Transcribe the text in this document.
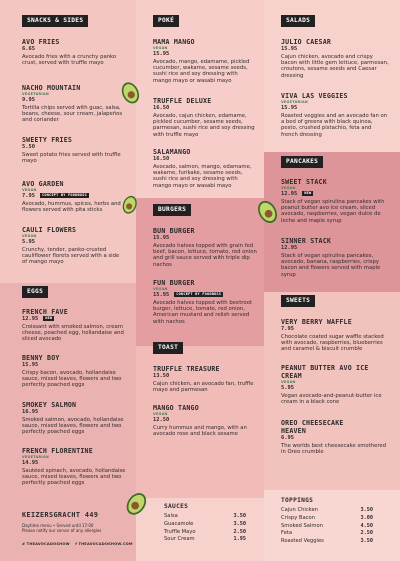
SNACKS & SIDES
AVO FRIES
6.65
Avocado fries with a crunchy panko crust, served with truffle mayo
NACHO MOUNTAIN
VEGETARIAN
9.95
Tortilla chips served with guac, salsa, beans, cheese, sour cream, jalapeños and coriander
SWEETY FRIES
5.50
Sweet potato fries served with truffle mayo
AVO GARDEN
VEGAN
7.95 CONCEPT BY FOODBOSS
Avocado, hummus, spices, herbs and flowers served with pita sticks
CAULI FLOWERS
VEGAN
5.95
Crunchy, tender, panko-crusted cauliflower florets served with a side of mango mayo
EGGS
FRENCH FAVE
12.95 NEW
Croissant with smoked salmon, cream cheese, poached egg, hollandaise and sliced avocado
BENNY BOY
15.95
Crispy bacon, avocado, hollandaise sauce, mixed leaves, flowers and two perfectly poached eggs
SMOKEY SALMON
16.95
Smoked salmon, avocado, hollandaise sauce, mixed leaves, flowers and two perfectly poached eggs
FRENCH FLORENTINE
VEGETARIAN
14.95
Sautéed spinach, avocado, hollandaise sauce, mixed leaves, flowers and two perfectly poached eggs
KEIZERSGRACHT 449
Daytime menu • Served until 17:00
Please notify our server of any allergies
# THEAVOCADOSHOW f THEAVOCADOSHOW.COM
POKÉ
MAMA MANGO
VEGAN
15.95
Avocado, mango, edamame, pickled cucumber, wakame, sesame seeds, sushi rice and soy dressing with mango mayo or wasabi mayo
TRUFFLE DELUXE
16.50
Avocado, cajun chicken, edamame, pickled cucumber, sesame seeds, parmesan, sushi rice and soy dressing with truffle mayo
SALAMANGO
16.50
Avocado, salmon, mango, edamame, wakame, furikake, sesame seeds, sushi rice and soy dressing with mango mayo or wasabi mayo
BURGERS
BUN BURGER
15.95
Avocado halves topped with grain fed beef, bacon, lettuce, tomato, red onion and grill sauce served with triple dip nachos
FUN BURGER
VEGAN
15.95 CONCEPT BY FOODBOSS
Avocado halves topped with beetroot burger, lettuce, tomato, red onion, American mustard and relish served with nachos
TOAST
TRUFFLE TREASURE
13.50
Cajun chicken, an avocado fan, truffle mayo and parmesan
MANGO TANGO
VEGAN
12.50
Curry hummus and mango, with an avocado rose and black sesame
SAUCES
Salsa	3.50
Guacamole	3.50
Truffle Mayo	2.50
Sour Cream	1.95
SALADS
JULIO CAESAR
15.95
Cajun chicken, avocado and crispy bacon with little gem lettuce, parmesan, croutons, sesame seeds and Caesar dressing
VIVA LAS VEGGIES
VEGETARIAN
15.95
Roasted veggies and an avocado fan on a bed of greens with black quinoa, pesto, crushed pistachio, feta and french dressing
PANCAKES
SWEET STACK
VEGAN
12.95 NEW
Stack of vegan spirulina pancakes with peanut butter avo ice cream, sliced avocado, raspberries, vegan dulce de leche and maple syrup
SINNER STACK
12.95
Stack of vegan spirulina pancakes, avocado, banana, raspberries, crispy bacon and flowers served with maple syrup
SWEETS
VERY BERRY WAFFLE
7.95
Chocolate coated sugar waffle stacked with avocado, raspberries, blueberries and caramel & biscuit crumble
PEANUT BUTTER AVO ICE CREAM
VEGAN
5.95
Vegan avocado-and-peanut-butter ice cream in a black cone
OREO CHEESECAKE HEAVEN
6.95
The worlds best cheesecake smothered in Oreo crumble
TOPPINGS
Cajun Chicken	3.50
Crispy Bacon	3.00
Smoked Salmon	4.50
Feta	2.50
Roasted Veggies	3.50
